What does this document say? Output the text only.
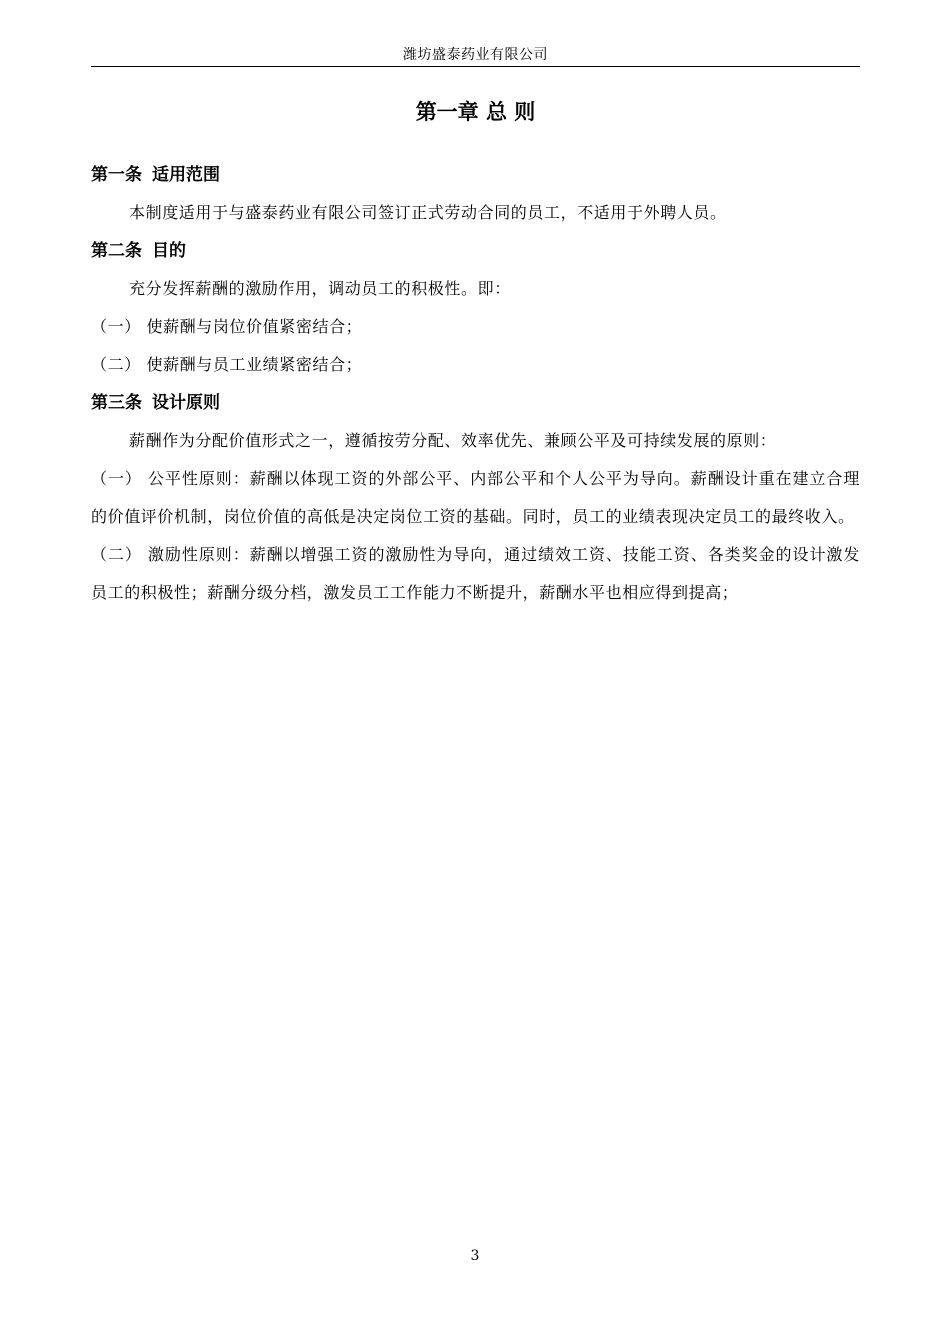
潍坊盛泰药业有限公司
第一章 总 则
第一条 适用范围

本制度适用于与盛泰药业有限公司签订正式劳动合同的员工，不适用于外聘人员。

第二条 目的

充分发挥薪酬的激励作用，调动员工的积极性。即：

（一） 使薪酬与岗位价值紧密结合；

（二） 使薪酬与员工业绩紧密结合；

第三条 设计原则

薪酬作为分配价值形式之一，遵循按劳分配、效率优先、兼顾公平及可持续发展的原则：

（一） 公平性原则：薪酬以体现工资的外部公平、内部公平和个人公平为导向。薪酬设计重在建立合理的价值评价机制，岗位价值的高低是决定岗位工资的基础。同时，员工的业绩表现决定员工的最终收入。

（二） 激励性原则：薪酬以增强工资的激励性为导向，通过绩效工资、技能工资、各类奖金的设计激发员工的积极性；薪酬分级分档，激发员工工作能力不断提升，薪酬水平也相应得到提高；

3
